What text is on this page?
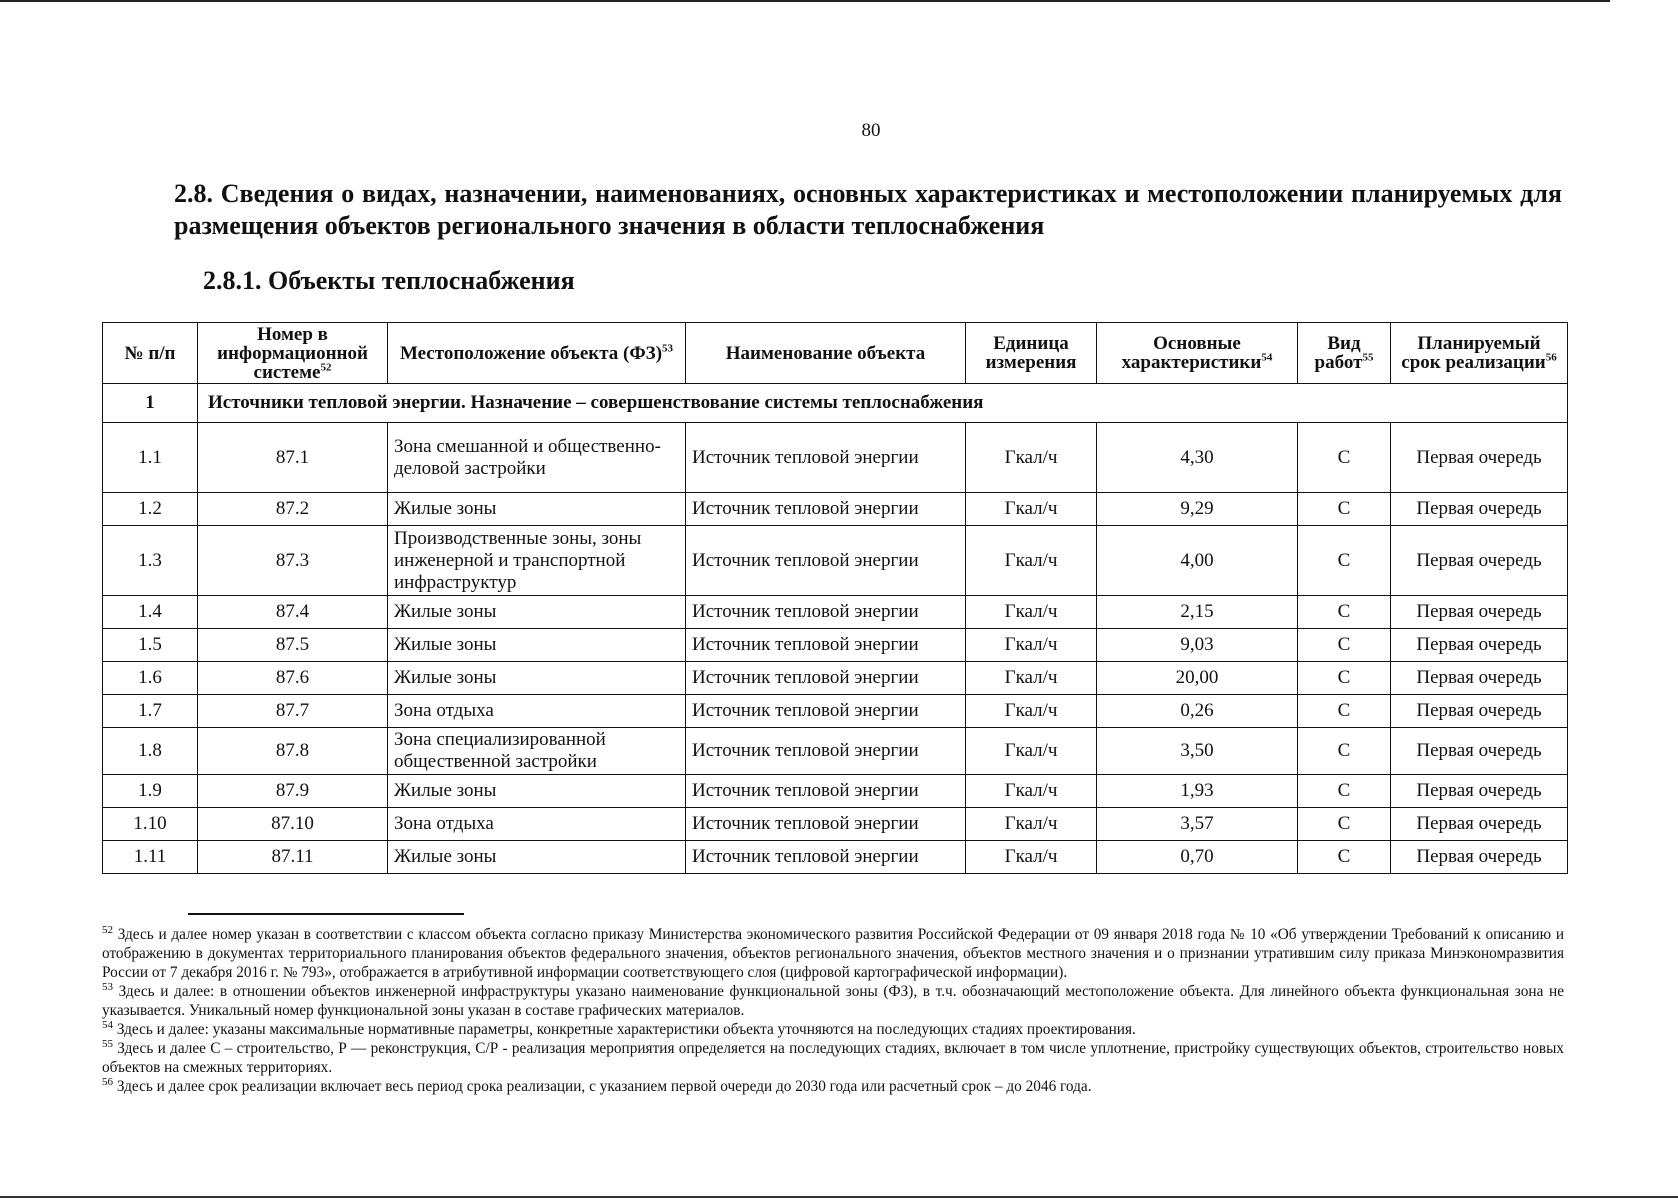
80
2.8. Сведения о видах, назначении, наименованиях, основных характеристиках и местоположении планируемых для размещения объектов регионального значения в области теплоснабжения
2.8.1. Объекты теплоснабжения
№ п/п	Номер в информационной системе$^{52}$	Местоположение объекта (ФЗ)$^{53}$	Наименование объекта	Единица измерения	Основные характеристики$^{54}$	Вид работ$^{55}$	Планируемый срок реализации$^{56}$
1	Источники тепловой энергии. Назначение – совершенствование системы теплоснабжения						
1.1	87.1	Зона смешанной и общественно-деловой застройки	Источник тепловой энергии	Гкал/ч	4,30	С	Первая очередь
1.2	87.2	Жилые зоны	Источник тепловой энергии	Гкал/ч	9,29	С	Первая очередь
1.3	87.3	Производственные зоны, зоны инженерной и транспортной инфраструктур	Источник тепловой энергии	Гкал/ч	4,00	С	Первая очередь
1.4	87.4	Жилые зоны	Источник тепловой энергии	Гкал/ч	2,15	С	Первая очередь
1.5	87.5	Жилые зоны	Источник тепловой энергии	Гкал/ч	9,03	С	Первая очередь
1.6	87.6	Жилые зоны	Источник тепловой энергии	Гкал/ч	20,00	С	Первая очередь
1.7	87.7	Зона отдыха	Источник тепловой энергии	Гкал/ч	0,26	С	Первая очередь
1.8	87.8	Зона специализированной общественной застройки	Источник тепловой энергии	Гкал/ч	3,50	С	Первая очередь
1.9	87.9	Жилые зоны	Источник тепловой энергии	Гкал/ч	1,93	С	Первая очередь
1.10	87.10	Зона отдыха	Источник тепловой энергии	Гкал/ч	3,57	С	Первая очередь
1.11	87.11	Жилые зоны	Источник тепловой энергии	Гкал/ч	0,70	С	Первая очередь

$^{52}$ Здесь и далее номер указан в соответствии с классом объекта согласно приказу Министерства экономического развития Российской Федерации от 09 января 2018 года № 10 «Об утверждении Требований к описанию и отображению в документах территориального планирования объектов федерального значения, объектов регионального значения, объектов местного значения и о признании утратившим силу приказа Минэкономразвития России от 7 декабря 2016 г. № 793», отображается в атрибутивной информации соответствующего слоя (цифровой картографической информации).

$^{53}$ Здесь и далее: в отношении объектов инженерной инфраструктуры указано наименование функциональной зоны (ФЗ), в т.ч. обозначающий местоположение объекта. Для линейного объекта функциональная зона не указывается. Уникальный номер функциональной зоны указан в составе графических материалов.

$^{54}$ Здесь и далее: указаны максимальные нормативные параметры, конкретные характеристики объекта уточняются на последующих стадиях проектирования.

$^{55}$ Здесь и далее С – строительство, Р — реконструкция, С/Р - реализация мероприятия определяется на последующих стадиях, включает в том числе уплотнение, пристройку существующих объектов, строительство новых объектов на смежных территориях.

$^{56}$ Здесь и далее срок реализации включает весь период срока реализации, с указанием первой очереди до 2030 года или расчетный срок – до 2046 года.
